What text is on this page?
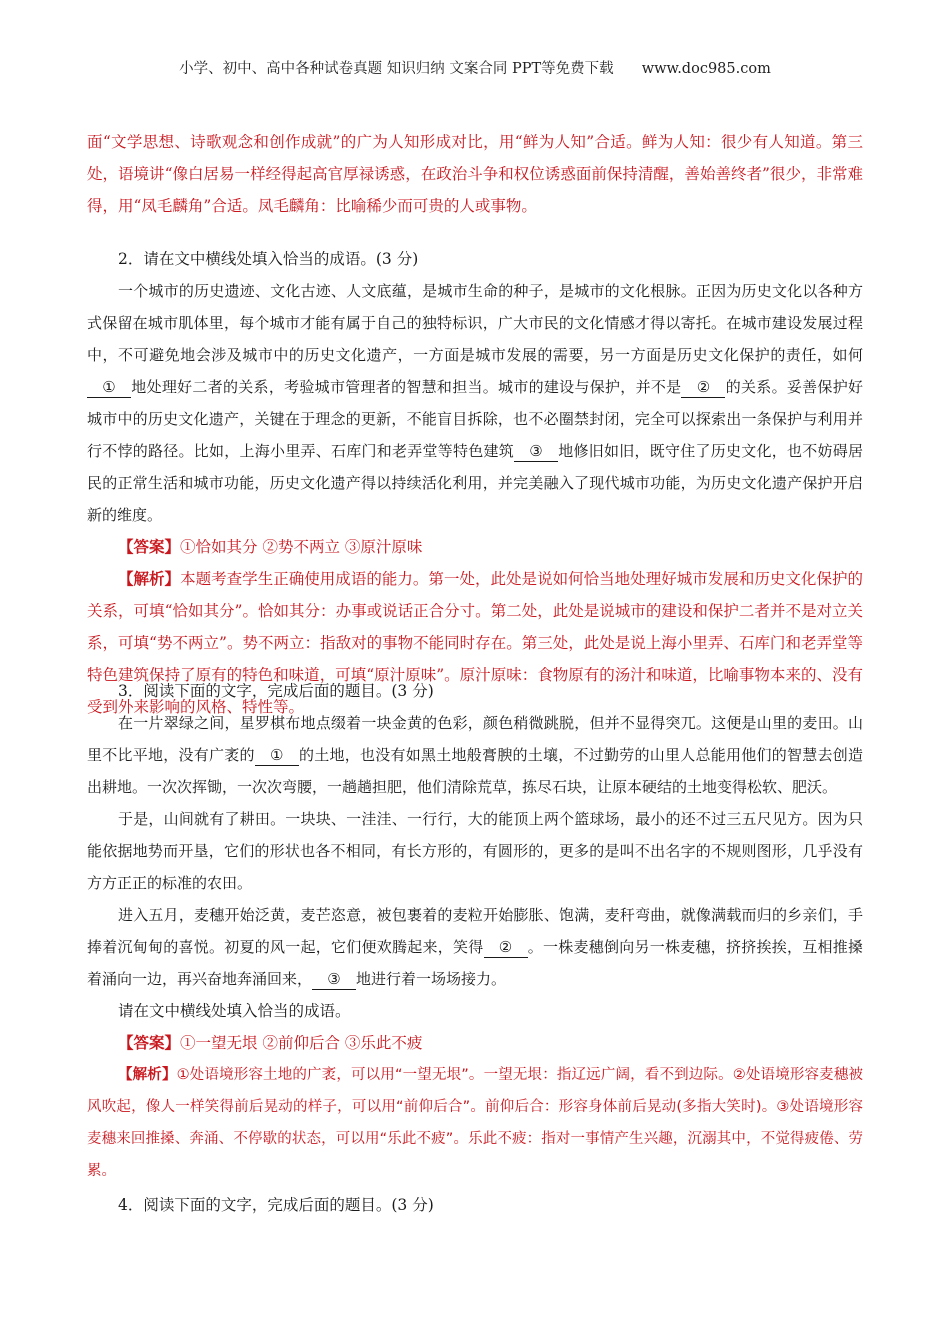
小学、初中、高中各种试卷真题 知识归纳 文案合同 PPT等免费下载 www.doc985.com

面“文学思想、诗歌观念和创作成就”的广为人知形成对比，用“鲜为人知”合适。鲜为人知：很少有人知道。第三处，语境讲“像白居易一样经得起高官厚禄诱惑，在政治斗争和权位诱惑面前保持清醒，善始善终者”很少，非常难得，用“凤毛麟角”合适。凤毛麟角：比喻稀少而可贵的人或事物。

2．请在文中横线处填入恰当的成语。(3 分)

一个城市的历史遗迹、文化古迹、人文底蕴，是城市生命的种子，是城市的文化根脉。正因为历史文化以各种方式保留在城市肌体里，每个城市才能有属于自己的独特标识，广大市民的文化情感才得以寄托。在城市建设发展过程中，不可避免地会涉及城市中的历史文化遗产，一方面是城市发展的需要，另一方面是历史文化保护的责任，如何① 地处理好二者的关系，考验城市管理者的智慧和担当。城市的建设与保护，并不是 ② 的关系。妥善保护好城市中的历史文化遗产，关键在于理念的更新，不能盲目拆除，也不必圈禁封闭，完全可以探索出一条保护与利用并行不悖的路径。比如，上海小里弄、石库门和老弄堂等特色建筑 ③ 地修旧如旧，既守住了历史文化，也不妨碍居民的正常生活和城市功能，历史文化遗产得以持续活化利用，并完美融入了现代城市功能，为历史文化遗产保护开启新的维度。

【答案】①恰如其分 ②势不两立 ③原汁原味

【解析】本题考查学生正确使用成语的能力。第一处，此处是说如何恰当地处理好城市发展和历史文化保护的关系，可填“恰如其分”。恰如其分：办事或说话正合分寸。第二处，此处是说城市的建设和保护二者并不是对立关系，可填“势不两立”。势不两立：指敌对的事物不能同时存在。第三处，此处是说上海小里弄、石库门和老弄堂等特色建筑保持了原有的特色和味道，可填“原汁原味”。原汁原味：食物原有的汤汁和味道，比喻事物本来的、没有受到外来影响的风格、特性等。

3．阅读下面的文字，完成后面的题目。(3 分)

在一片翠绿之间，星罗棋布地点缀着一块金黄的色彩，颜色稍微跳脱，但并不显得突兀。这便是山里的麦田。山里不比平地，没有广袤的 ① 的土地，也没有如黑土地般膏腴的土壤，不过勤劳的山里人总能用他们的智慧去创造出耕地。一次次挥锄，一次次弯腰，一趟趟担肥，他们清除荒草，拣尽石块，让原本硬结的土地变得松软、肥沃。

于是，山间就有了耕田。一块块、一洼洼、一行行，大的能顶上两个篮球场，最小的还不过三五尺见方。因为只能依据地势而开垦，它们的形状也各不相同，有长方形的，有圆形的，更多的是叫不出名字的不规则图形，几乎没有方方正正的标准的农田。

进入五月，麦穗开始泛黄，麦芒恣意，被包裹着的麦粒开始膨胀、饱满，麦秆弯曲，就像满载而归的乡亲们，手捧着沉甸甸的喜悦。初夏的风一起，它们便欢腾起来，笑得 ② 。一株麦穗倒向另一株麦穗，挤挤挨挨，互相推搡着涌向一边，再兴奋地奔涌回来， ③ 地进行着一场场接力。

请在文中横线处填入恰当的成语。

【答案】①一望无垠 ②前仰后合 ③乐此不疲

【解析】①处语境形容土地的广袤，可以用“一望无垠”。一望无垠：指辽远广阔，看不到边际。②处语境形容麦穗被风吹起，像人一样笑得前后晃动的样子，可以用“前仰后合”。前仰后合：形容身体前后晃动(多指大笑时)。③处语境形容麦穗来回推搡、奔涌、不停歇的状态，可以用“乐此不疲”。乐此不疲：指对一事情产生兴趣，沉溺其中，不觉得疲倦、劳累。

4．阅读下面的文字，完成后面的题目。(3 分)
